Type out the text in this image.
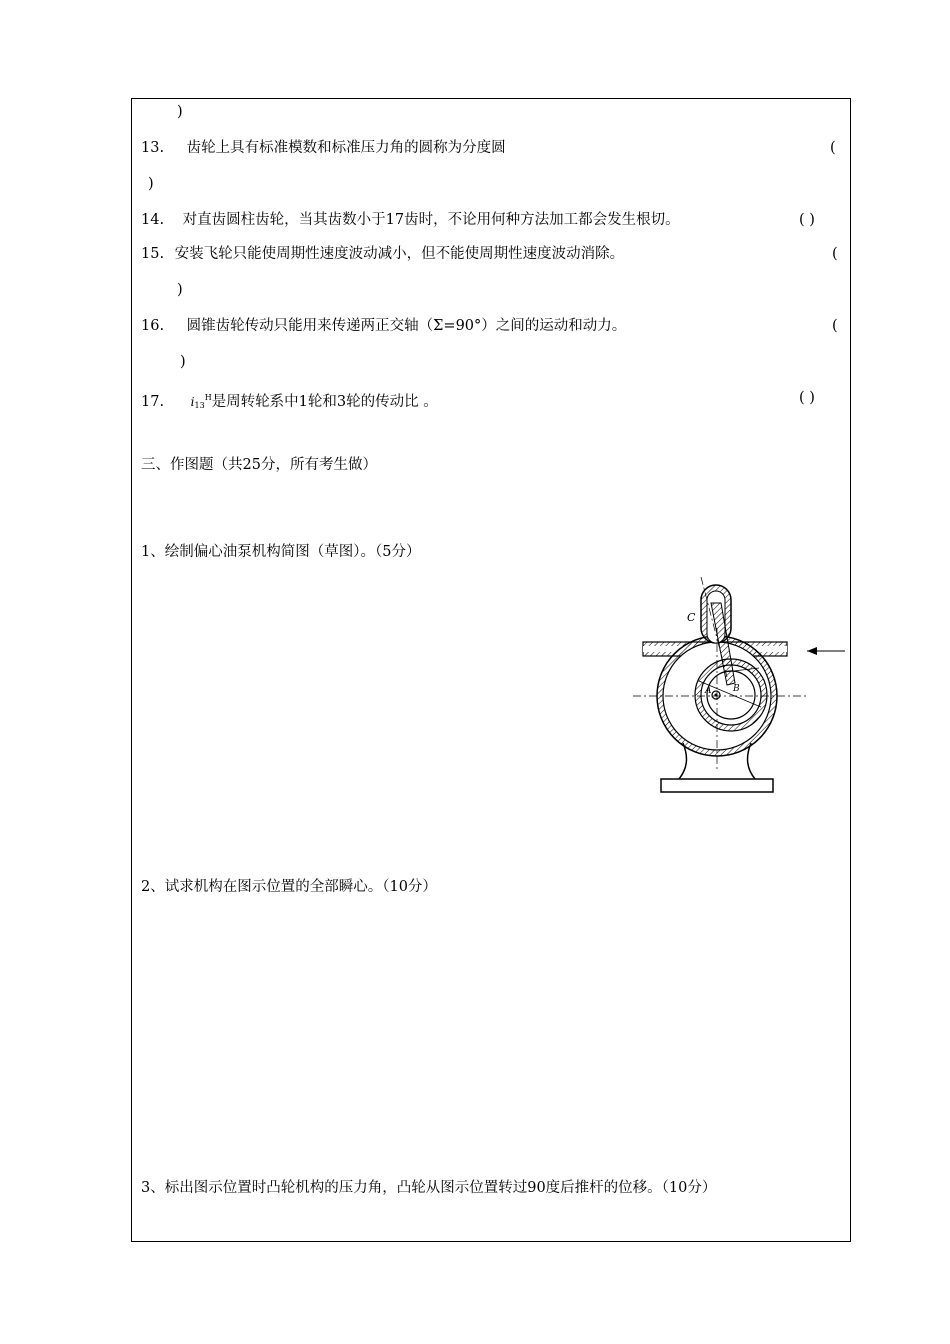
)
13. 齿轮上具有标准模数和标准压力角的圆称为分度圆	(
)
14. 对直齿圆柱齿轮，当其齿数小于17齿时，不论用何种方法加工都会发生根切。	( )
15. 安装飞轮只能使周期性速度波动减小，但不能使周期性速度波动消除。	(
)
16. 圆锥齿轮传动只能用来传递两正交轴（Σ=90°）之间的运动和动力。	(
)
17. $i_{13}^H$是周转轮系中1轮和3轮的传动比 。	( )
三、作图题（共25分，所有考生做）
1、绘制偏心油泵机构简图（草图）。（5分）
2、试求机构在图示位置的全部瞬心。（10分）
3、标出图示位置时凸轮机构的压力角，凸轮从图示位置转过90度后推杆的位移。（10分）
C
A B
